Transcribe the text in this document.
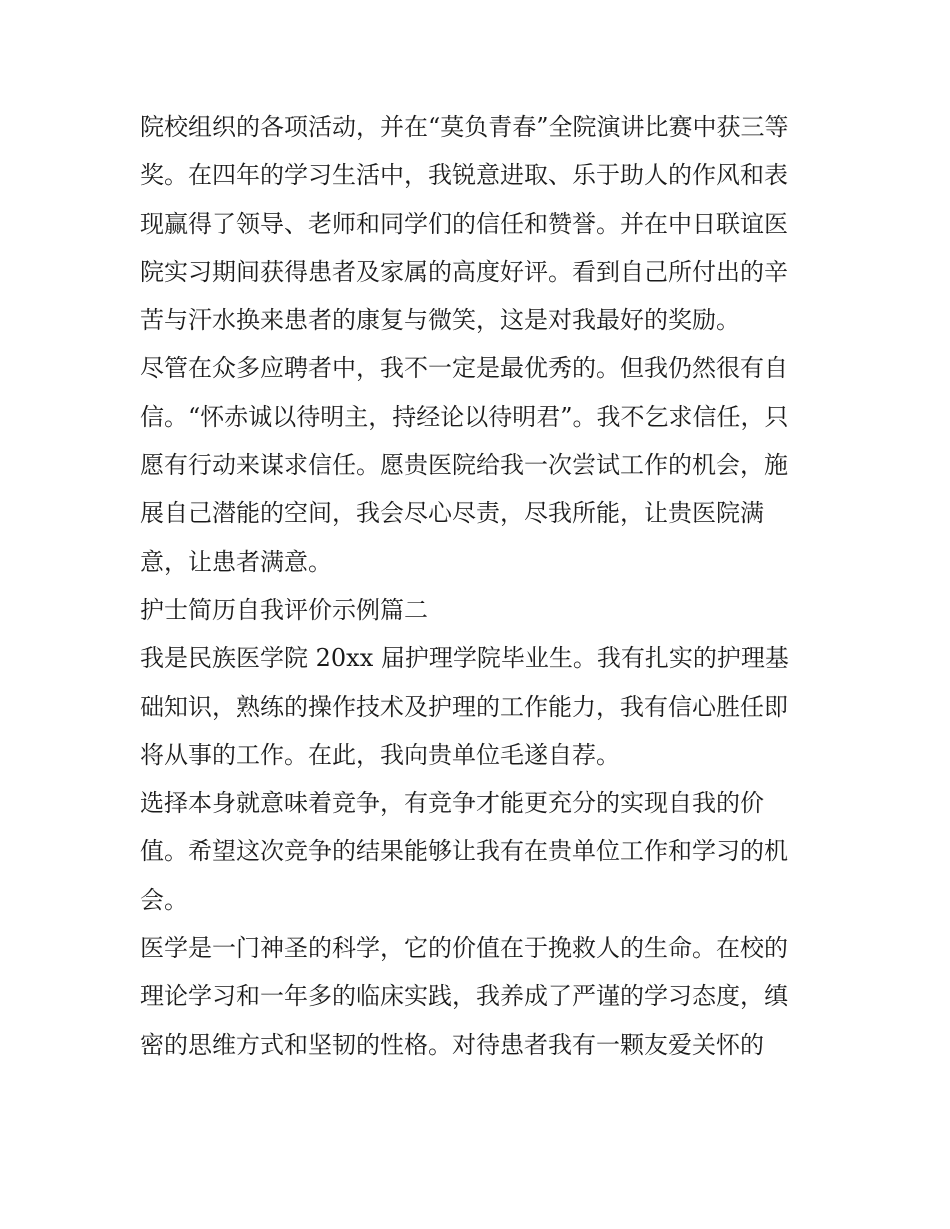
院校组织的各项活动，并在“莫负青春”全院演讲比赛中获三等
奖。在四年的学习生活中，我锐意进取、乐于助人的作风和表
现赢得了领导、老师和同学们的信任和赞誉。并在中日联谊医
院实习期间获得患者及家属的高度好评。看到自己所付出的辛
苦与汗水换来患者的康复与微笑，这是对我最好的奖励。
尽管在众多应聘者中，我不一定是最优秀的。但我仍然很有自
信。“怀赤诚以待明主，持经论以待明君”。我不乞求信任，只
愿有行动来谋求信任。愿贵医院给我一次尝试工作的机会，施
展自己潜能的空间，我会尽心尽责，尽我所能，让贵医院满
意，让患者满意。
护士简历自我评价示例篇二
我是民族医学院 20xx 届护理学院毕业生。我有扎实的护理基
础知识，熟练的操作技术及护理的工作能力，我有信心胜任即
将从事的工作。在此，我向贵单位毛遂自荐。
选择本身就意味着竞争，有竞争才能更充分的实现自我的价
值。希望这次竞争的结果能够让我有在贵单位工作和学习的机
会。
医学是一门神圣的科学，它的价值在于挽救人的生命。在校的
理论学习和一年多的临床实践，我养成了严谨的学习态度，缜
密的思维方式和坚韧的性格。对待患者我有一颗友爱关怀的
